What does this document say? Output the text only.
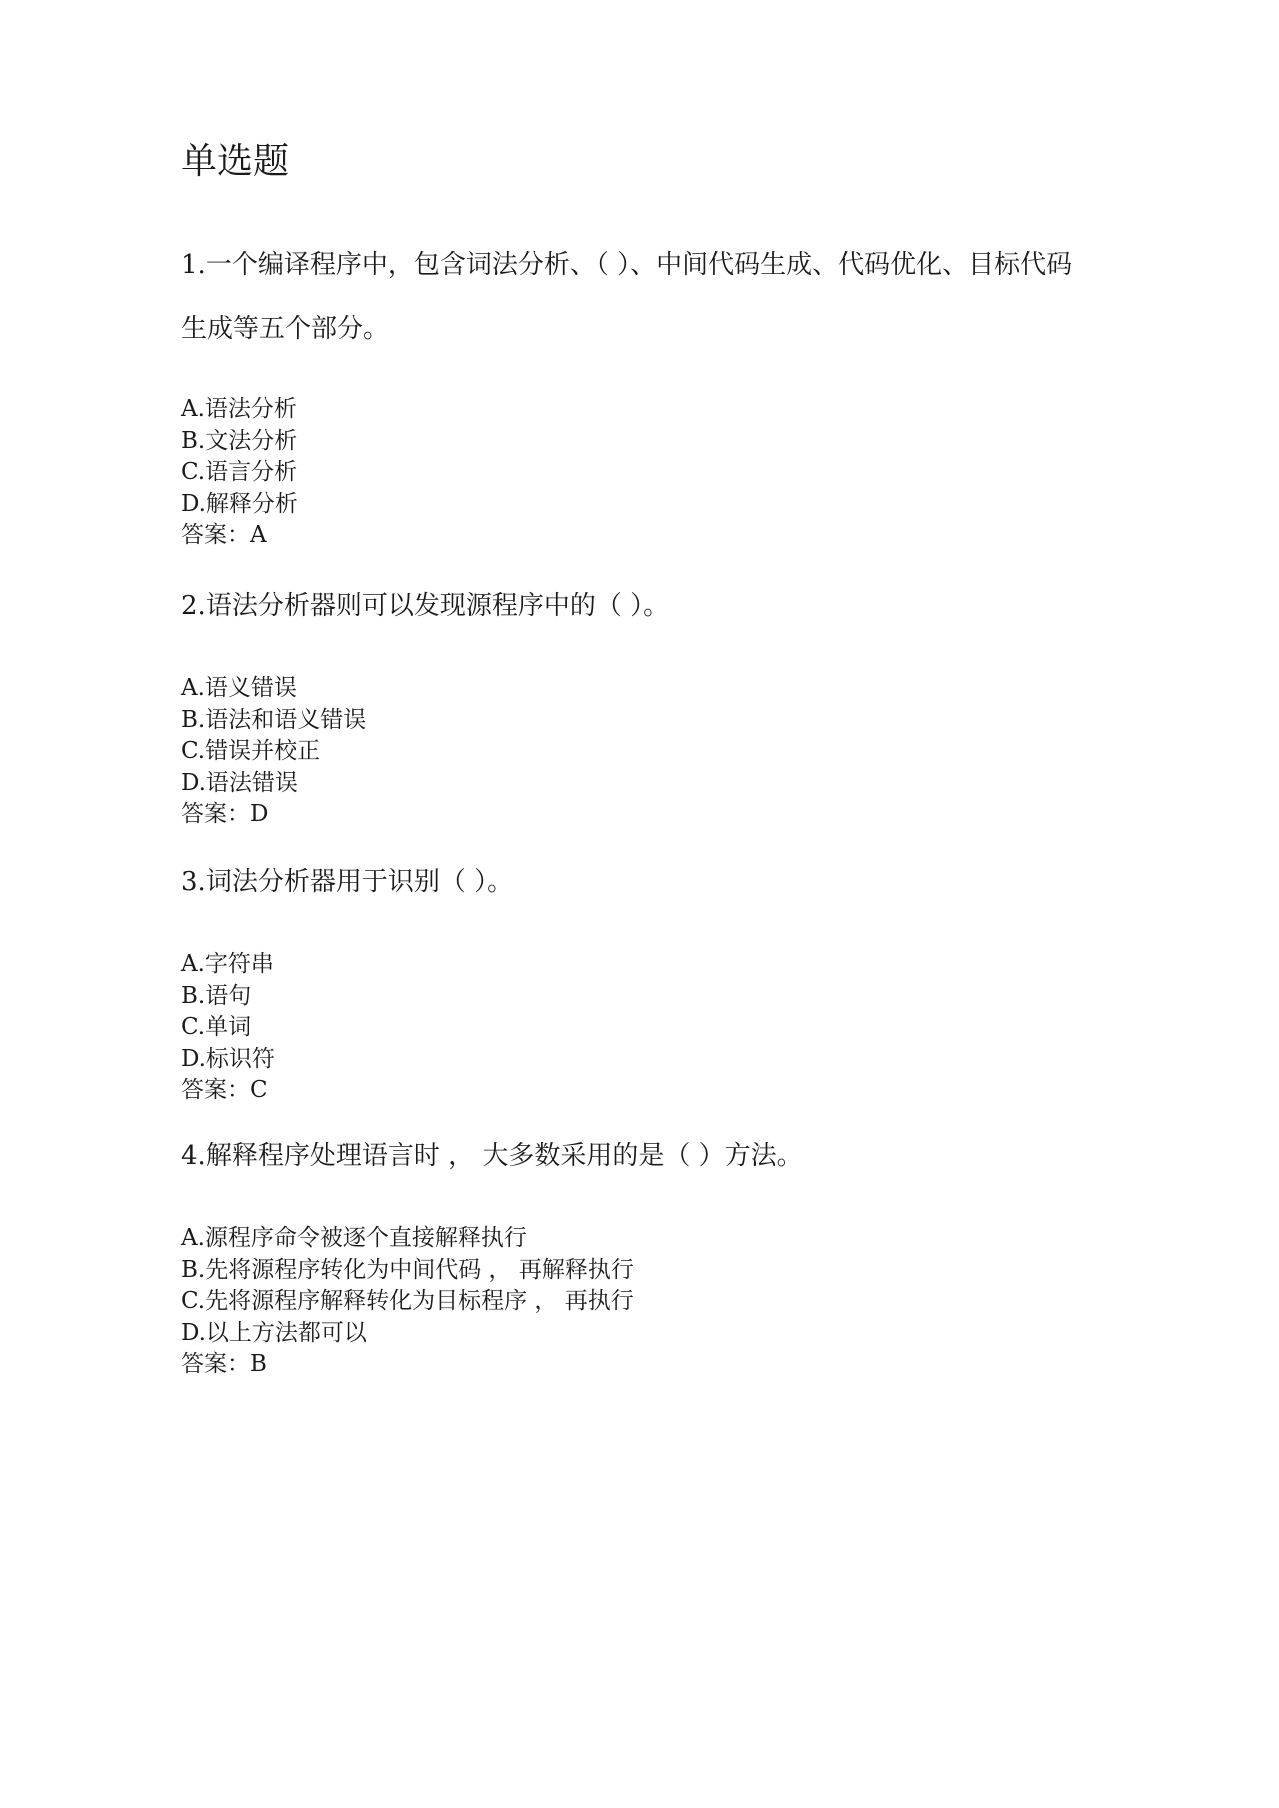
单选题

1 . 一个编译程序中，包含词法分析、（ ）、中间代码生成、代码优化、目标代码生成等五个部分。

A.语法分析
B.文法分析
C.语言分析
D.解释分析

答案：A

2 . 语法分析器则可以发现源程序中的（ ）。

A.语义错误
B.语法和语义错误
C.错误并校正
D.语法错误

答案：D

3 . 词法分析器用于识别（ ）。

A.字符串
B.语句
C.单词
D.标识符

答案：C

4 . 解释程序处理语言时 ， 大多数采用的是（ ）方法。

A.源程序命令被逐个直接解释执行
B.先将源程序转化为中间代码 ， 再解释执行
C.先将源程序解释转化为目标程序 ， 再执行
D.以上方法都可以

答案：B
